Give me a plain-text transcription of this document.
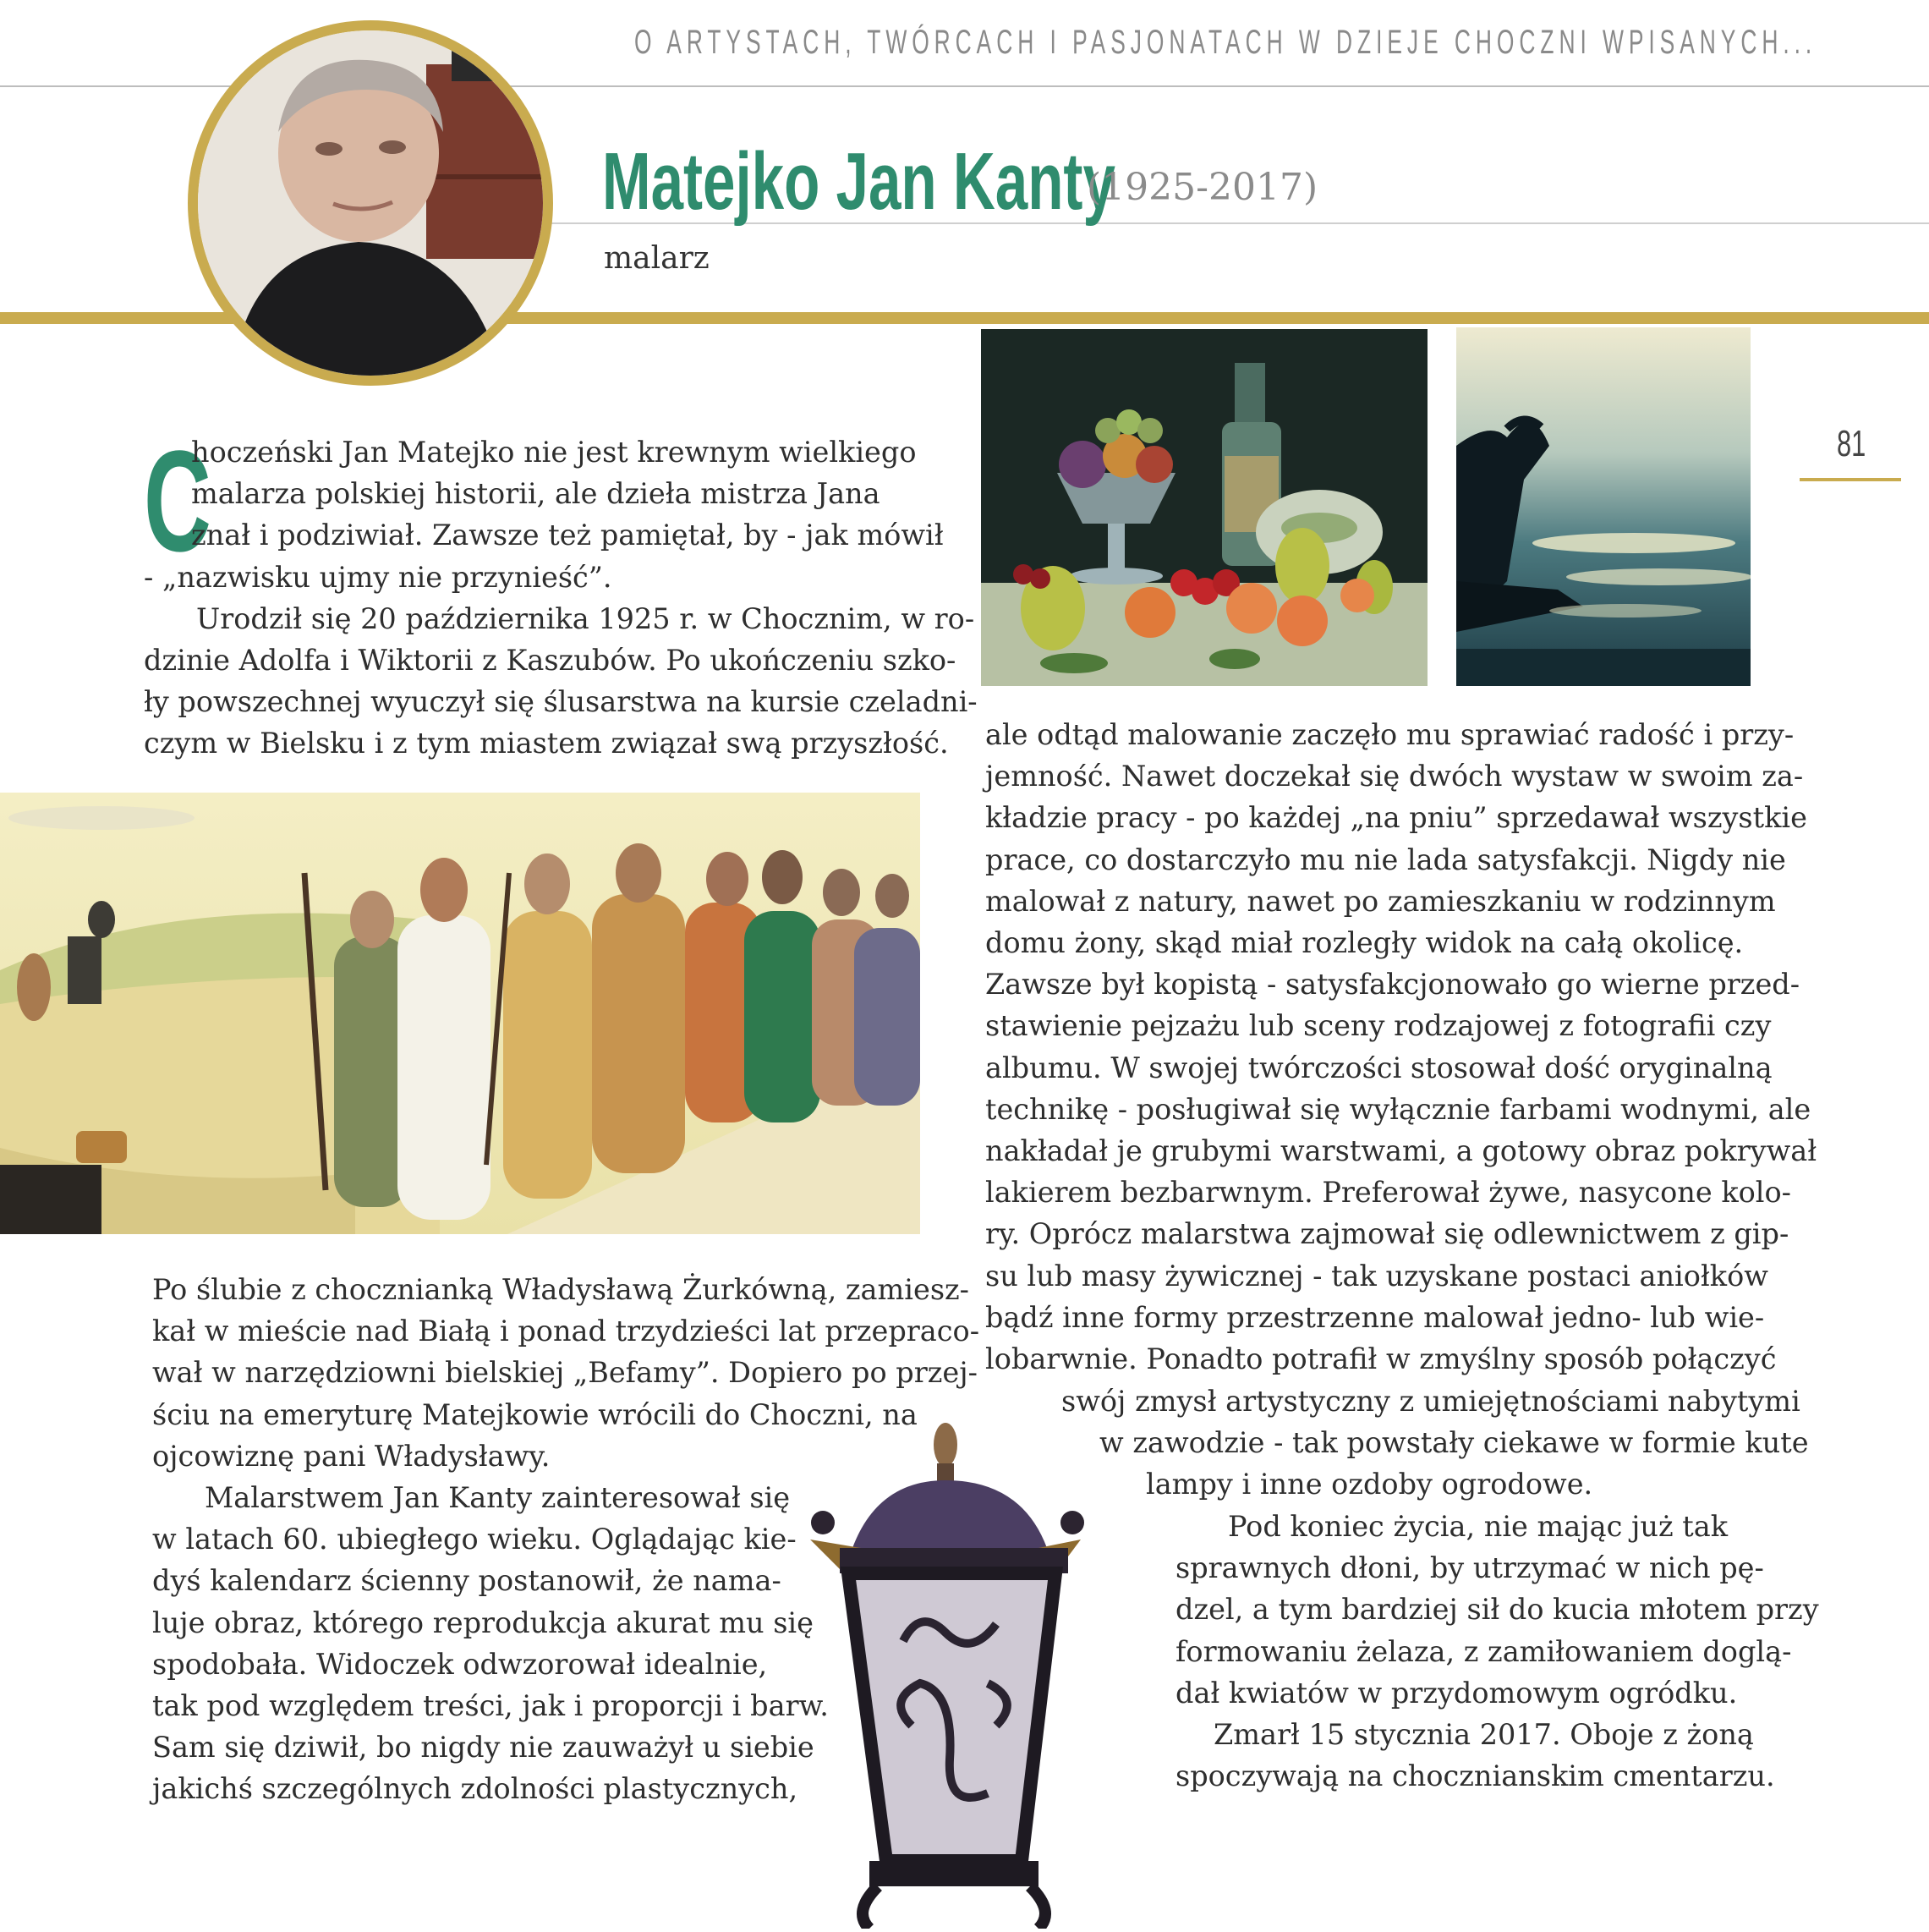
O ARTYSTACH, TWÓRCACH I PASJONATACH W DZIEJE CHOCZNI WPISANYCH...
Matejko Jan Kanty
(1925-2017)
malarz
81
C
hoczeński Jan Matejko nie jest krewnym wielkiego
malarza polskiej historii, ale dzieła mistrza Jana
znał i podziwiał. Zawsze też pamiętał, by - jak mówił
- „nazwisku ujmy nie przynieść”.
Urodził się 20 października 1925 r. w Chocznim, w ro-
dzinie Adolfa i Wiktorii z Kaszubów. Po ukończeniu szko-
ły powszechnej wyuczył się ślusarstwa na kursie czeladni-
czym w Bielsku i z tym miastem związał swą przyszłość.
Po ślubie z chocznianką Władysławą Żurkówną, zamiesz-
kał w mieście nad Białą i ponad trzydzieści lat przepraco-
wał w narzędziowni bielskiej „Befamy”. Dopiero po przej-
ściu na emeryturę Matejkowie wrócili do Choczni, na
ojcowiznę pani Władysławy.
Malarstwem Jan Kanty zainteresował się
w latach 60. ubiegłego wieku. Oglądając kie-
dyś kalendarz ścienny postanowił, że nama-
luje obraz, którego reprodukcja akurat mu się
spodobała. Widoczek odwzorował idealnie,
tak pod względem treści, jak i proporcji i barw.
Sam się dziwił, bo nigdy nie zauważył u siebie
jakichś szczególnych zdolności plastycznych,
ale odtąd malowanie zaczęło mu sprawiać radość i przy-
jemność. Nawet doczekał się dwóch wystaw w swoim za-
kładzie pracy - po każdej „na pniu” sprzedawał wszystkie
prace, co dostarczyło mu nie lada satysfakcji. Nigdy nie
malował z natury, nawet po zamieszkaniu w rodzinnym
domu żony, skąd miał rozległy widok na całą okolicę.
Zawsze był kopistą - satysfakcjonowało go wierne przed-
stawienie pejzażu lub sceny rodzajowej z fotografii czy
albumu. W swojej twórczości stosował dość oryginalną
technikę - posługiwał się wyłącznie farbami wodnymi, ale
nakładał je grubymi warstwami, a gotowy obraz pokrywał
lakierem bezbarwnym. Preferował żywe, nasycone kolo-
ry. Oprócz malarstwa zajmował się odlewnictwem z gip-
su lub masy żywicznej - tak uzyskane postaci aniołków
bądź inne formy przestrzenne malował jedno- lub wie-
lobarwnie. Ponadto potrafił w zmyślny sposób połączyć
swój zmysł artystyczny z umiejętnościami nabytymi
w zawodzie - tak powstały ciekawe w formie kute
lampy i inne ozdoby ogrodowe.
Pod koniec życia, nie mając już tak
sprawnych dłoni, by utrzymać w nich pę-
dzel, a tym bardziej sił do kucia młotem przy
formowaniu żelaza, z zamiłowaniem doglą-
dał kwiatów w przydomowym ogródku.
Zmarł 15 stycznia 2017. Oboje z żoną
spoczywają na chocznianskim cmentarzu.
